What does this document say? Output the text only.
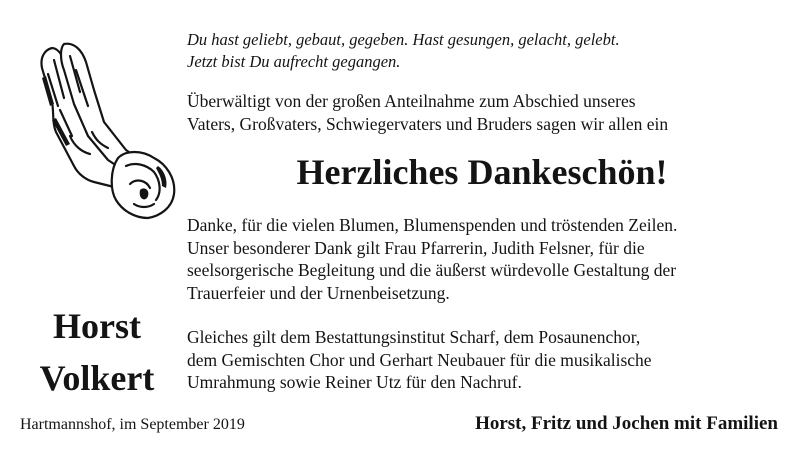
Du hast geliebt, gebaut, gegeben. Hast gesungen, gelacht, gelebt.
Jetzt bist Du aufrecht gegangen.
Überwältigt von der großen Anteilnahme zum Abschied unseres
Vaters, Großvaters, Schwiegervaters und Bruders sagen wir allen ein
Herzliches Dankeschön!
Danke, für die vielen Blumen, Blumenspenden und tröstenden Zeilen.
Unser besonderer Dank gilt Frau Pfarrerin, Judith Felsner, für die
seelsorgerische Begleitung und die äußerst würdevolle Gestaltung der
Trauerfeier und der Urnenbeisetzung.
Gleiches gilt dem Bestattungsinstitut Scharf, dem Posaunenchor,
dem Gemischten Chor und Gerhart Neubauer für die musikalische
Umrahmung sowie Reiner Utz für den Nachruf.
Horst
Volkert
Hartmannshof, im September 2019	Horst, Fritz und Jochen mit Familien
